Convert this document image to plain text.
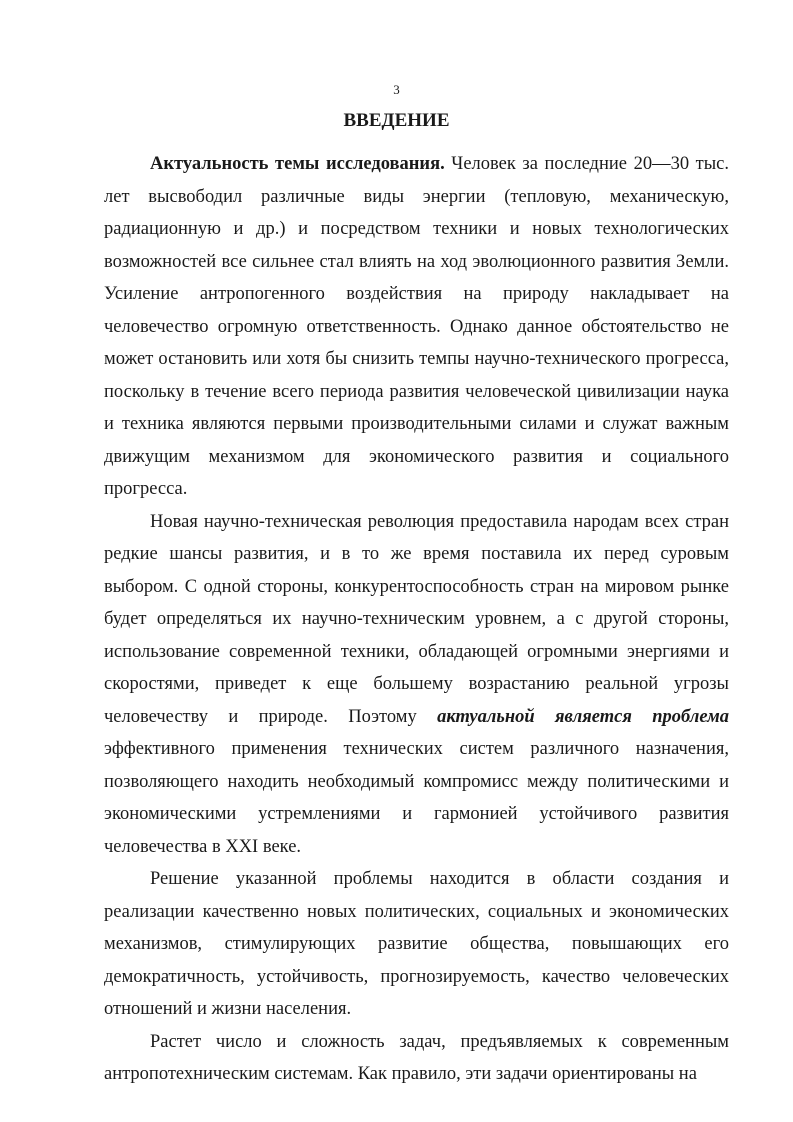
3
ВВЕДЕНИЕ

Актуальность темы исследования. Человек за последние 20—30 тыс. лет высвободил различные виды энергии (тепловую, механическую, радиационную и др.) и посредством техники и новых технологических возможностей все сильнее стал влиять на ход эволюционного развития Земли. Усиление антропогенного воздействия на природу накладывает на человечество огромную ответственность. Однако данное обстоятельство не может остановить или хотя бы снизить темпы научно-технического прогресса, поскольку в течение всего периода развития человеческой цивилизации наука и техника являются первыми производительными силами и служат важным движущим механизмом для экономического развития и социального прогресса.

Новая научно-техническая революция предоставила народам всех стран редкие шансы развития, и в то же время поставила их перед суровым выбором. С одной стороны, конкурентоспособность стран на мировом рынке будет определяться их научно-техническим уровнем, а с другой стороны, использование современной техники, обладающей огромными энергиями и скоростями, приведет к еще большему возрастанию реальной угрозы человечеству и природе. Поэтому актуальной является проблема эффективного применения технических систем различного назначения, позволяющего находить необходимый компромисс между политическими и экономическими устремлениями и гармонией устойчивого развития человечества в XXI веке.

Решение указанной проблемы находится в области создания и реализации качественно новых политических, социальных и экономических механизмов, стимулирующих развитие общества, повышающих его демократичность, устойчивость, прогнозируемость, качество человеческих отношений и жизни населения.

Растет число и сложность задач, предъявляемых к современным антропотехническим системам. Как правило, эти задачи ориентированы на
